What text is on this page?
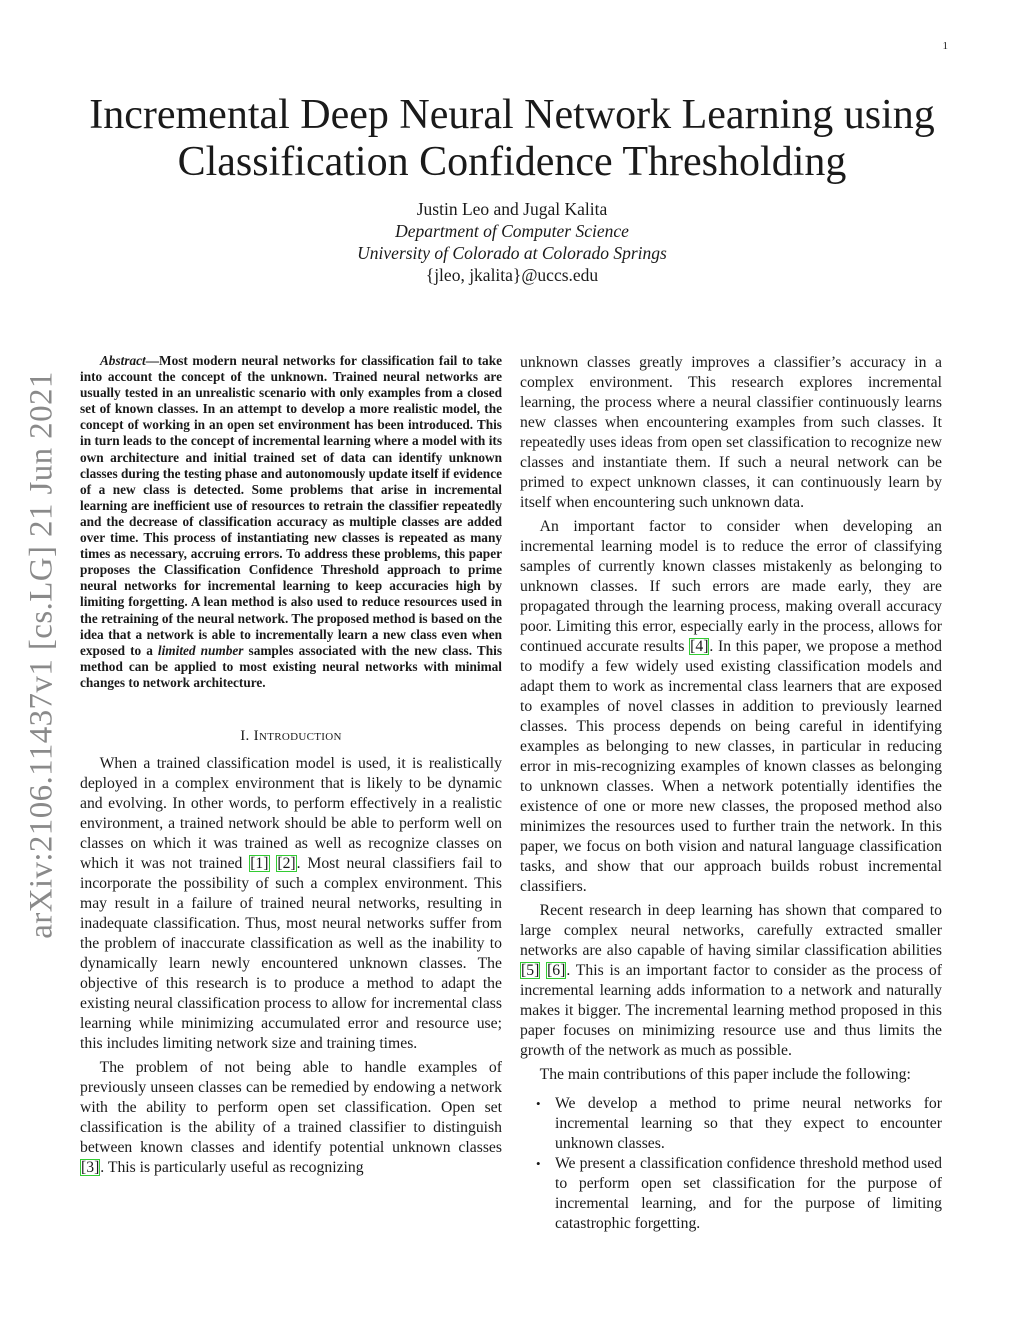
1
arXiv:2106.11437v1 [cs.LG] 21 Jun 2021
Incremental Deep Neural Network Learning using Classification Confidence Thresholding
Justin Leo and Jugal Kalita
Department of Computer Science
University of Colorado at Colorado Springs
{jleo, jkalita}@uccs.edu

Abstract—Most modern neural networks for classification fail to take into account the concept of the unknown. Trained neural networks are usually tested in an unrealistic scenario with only examples from a closed set of known classes. In an attempt to develop a more realistic model, the concept of working in an open set environment has been introduced. This in turn leads to the concept of incremental learning where a model with its own architecture and initial trained set of data can identify unknown classes during the testing phase and autonomously update itself if evidence of a new class is detected. Some problems that arise in incremental learning are inefficient use of resources to retrain the classifier repeatedly and the decrease of classification accuracy as multiple classes are added over time. This process of instantiating new classes is repeated as many times as necessary, accruing errors. To address these problems, this paper proposes the Classification Confidence Threshold approach to prime neural networks for incremental learning to keep accuracies high by limiting forgetting. A lean method is also used to reduce resources used in the retraining of the neural network. The proposed method is based on the idea that a network is able to incrementally learn a new class even when exposed to a limited number samples associated with the new class. This method can be applied to most existing neural networks with minimal changes to network architecture.

I. Introduction

When a trained classification model is used, it is realistically deployed in a complex environment that is likely to be dynamic and evolving. In other words, to perform effectively in a realistic environment, a trained network should be able to perform well on classes on which it was trained as well as recognize classes on which it was not trained [1] [2]. Most neural classifiers fail to incorporate the possibility of such a complex environment. This may result in a failure of trained neural networks, resulting in inadequate classification. Thus, most neural networks suffer from the problem of inaccurate classification as well as the inability to dynamically learn newly encountered unknown classes. The objective of this research is to produce a method to adapt the existing neural classification process to allow for incremental class learning while minimizing accumulated error and resource use; this includes limiting network size and training times.

The problem of not being able to handle examples of previously unseen classes can be remedied by endowing a network with the ability to perform open set classification. Open set classification is the ability of a trained classifier to distinguish between known classes and identify potential unknown classes [3]. This is particularly useful as recognizing

unknown classes greatly improves a classifier’s accuracy in a complex environment. This research explores incremental learning, the process where a neural classifier continuously learns new classes when encountering examples from such classes. It repeatedly uses ideas from open set classification to recognize new classes and instantiate them. If such a neural network can be primed to expect unknown classes, it can continuously learn by itself when encountering such unknown data.

An important factor to consider when developing an incremental learning model is to reduce the error of classifying samples of currently known classes mistakenly as belonging to unknown classes. If such errors are made early, they are propagated through the learning process, making overall accuracy poor. Limiting this error, especially early in the process, allows for continued accurate results [4]. In this paper, we propose a method to modify a few widely used existing classification models and adapt them to work as incremental class learners that are exposed to examples of novel classes in addition to previously learned classes. This process depends on being careful in identifying examples as belonging to new classes, in particular in reducing error in mis-recognizing examples of known classes as belonging to unknown classes. When a network potentially identifies the existence of one or more new classes, the proposed method also minimizes the resources used to further train the network. In this paper, we focus on both vision and natural language classification tasks, and show that our approach builds robust incremental classifiers.

Recent research in deep learning has shown that compared to large complex neural networks, carefully extracted smaller networks are also capable of having similar classification abilities [5] [6]. This is an important factor to consider as the process of incremental learning adds information to a network and naturally makes it bigger. The incremental learning method proposed in this paper focuses on minimizing resource use and thus limits the growth of the network as much as possible.

The main contributions of this paper include the following:

• We develop a method to prime neural networks for incremental learning so that they expect to encounter unknown classes.
• We present a classification confidence threshold method used to perform open set classification for the purpose of incremental learning, and for the purpose of limiting catastrophic forgetting.
